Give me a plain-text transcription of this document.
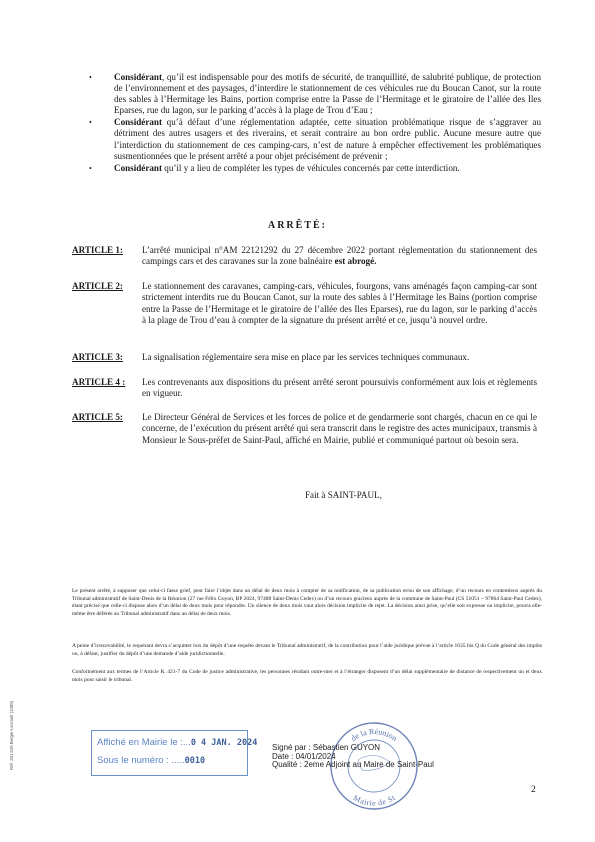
• Considérant, qu’il est indispensable pour des motifs de sécurité, de tranquillité, de salubrité publique, de protection de l’environnement et des paysages, d’interdire le stationnement de ces véhicules rue du Boucan Canot, sur la route des sables à l’Hermitage les Bains, portion comprise entre la Passe de l’Hermitage et le giratoire de l’allée des Iles Eparses, rue du lagon, sur le parking d’accès à la plage de Trou d’Eau ;
• Considérant qu’à défaut d’une réglementation adaptée, cette situation problématique risque de s’aggraver au détriment des autres usagers et des riverains, et serait contraire au bon ordre public. Aucune mesure autre que l’interdiction du stationnement de ces camping-cars, n’est de nature à empêcher effectivement les problématiques susmentionnées que le présent arrêté a pour objet précisément de prévenir ;
• Considérant qu’il y a lieu de compléter les types de véhicules concernés par cette interdiction.
ARRÊTÉ:
ARTICLE 1:	L’arrêté municipal n°AM 22121292 du 27 décembre 2022 portant réglementation du stationnement des campings cars et des caravanes sur la zone balnéaire est abrogé.
ARTICLE 2:	Le stationnement des caravanes, camping-cars, véhicules, fourgons, vans aménagés façon camping-car sont strictement interdits rue du Boucan Canot, sur la route des sables à l’Hermitage les Bains (portion comprise entre la Passe de l’Hermitage et le giratoire de l’allée des Iles Eparses), rue du lagon, sur le parking d’accès à la plage de Trou d’eau à compter de la signature du présent arrêté et ce, jusqu’à nouvel ordre.
ARTICLE 3:	La signalisation réglementaire sera mise en place par les services techniques communaux.
ARTICLE 4 :	Les contrevenants aux dispositions du présent arrêté seront poursuivis conformément aux lois et règlements en vigueur.
ARTICLE 5:	Le Directeur Général de Services et les forces de police et de gendarmerie sont chargés, chacun en ce qui le concerne, de l’exécution du présent arrêté qui sera transcrit dans le registre des actes municipaux, transmis à Monsieur le Sous-préfet de Saint-Paul, affiché en Mairie, publié et communiqué partout où besoin sera.
Fait à SAINT-PAUL,
Le présent arrêté, à supposer que celui-ci fasse grief, peut faire l’objet dans un délai de deux mois à compter de sa notification, de sa publication et/ou de son affichage, d’un recours en contentieux auprès du Tribunal administratif de Saint-Denis de la Réunion (27 rue Félix Guyon, BP 2024, 97488 Saint-Denis Cedex) ou d’un recours gracieux auprès de la commune de Saint-Paul (CS 51051 – 97864 Saint-Paul Cedex), étant précisé que celle-ci dispose alors d’un délai de deux mois pour répondre. Un silence de deux mois vaut alors décision implicite de rejet. La décision ainsi prise, qu’elle soit expresse ou implicite, pourra elle-même être déférée au Tribunal administratif dans un délai de deux mois.
A peine d’irrecevabilité, le requérant devra s’acquitter lors du dépôt d’une requête devant le Tribunal administratif, de la contribution pour l’aide juridique prévue à l’article 1635 bis Q du Code général des impôts ou, à défaut, justifier du dépôt d’une demande d’aide juridictionnelle.
Conformément aux termes de l’Article R. 421-7 du Code de justice administrative, les personnes résidant outre-mer et à l’étranger disposent d’un délai supplémentaire de distance de respectivement un et deux mois pour saisir le tribunal.
Affiché en Mairie le :...0 4 JAN. 2024
Sous le numéro : .....0010
de la Réunion
Mairie de St
Signé par : Sébastien GUYON
Date : 04/01/2024
Qualité : 2eme Adjoint au Maire de Saint-Paul
2
Réf. 201 526 Berger-Levrault (1309)
